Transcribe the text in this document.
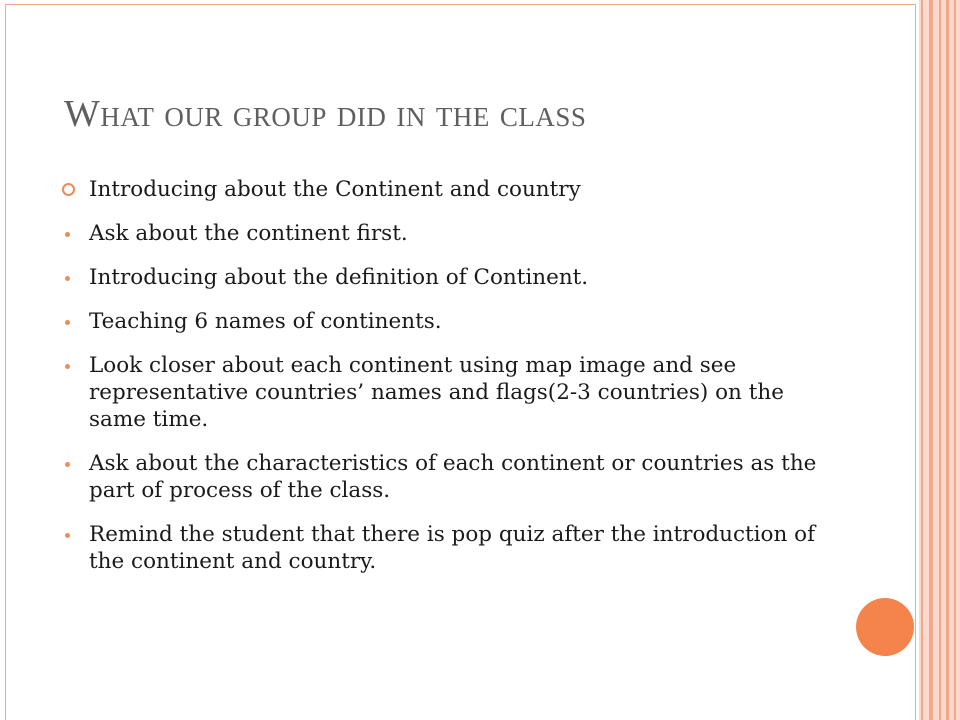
What our group did in the class
Introducing about the Continent and country
Ask about the continent first.
Introducing about the definition of Continent.
Teaching 6 names of continents.
Look closer about each continent using map image and see representative countries’ names and flags(2-3 countries) on the same time.
Ask about the characteristics of each continent or countries as the part of process of the class.
Remind the student that there is pop quiz after the introduction of the continent and country.
